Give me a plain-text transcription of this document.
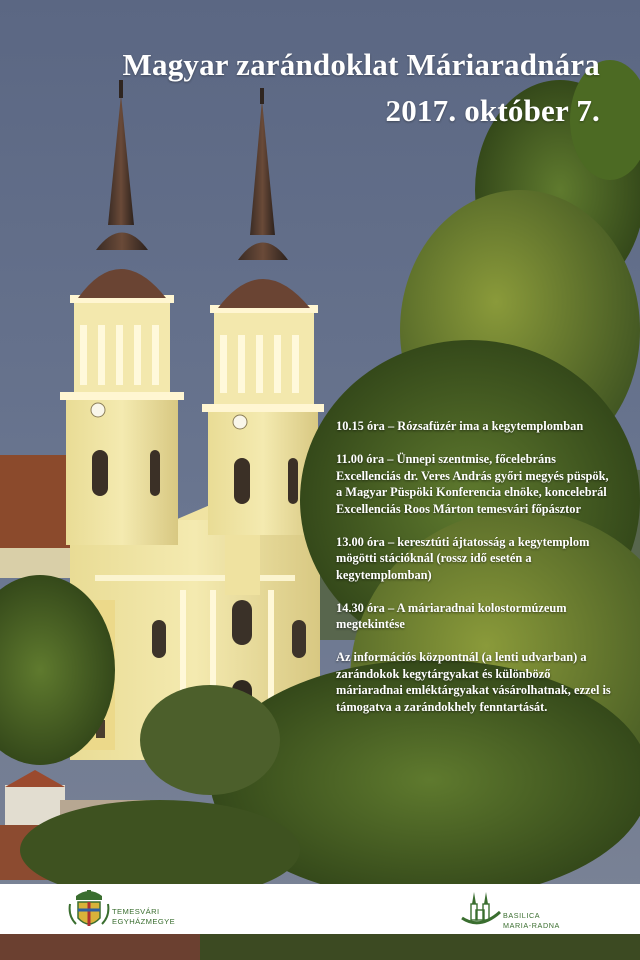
Magyar zarándoklat Máriaradnára
2017. október 7.

10.15 óra – Rózsafüzér ima a kegytemplomban

11.00 óra – Ünnepi szentmise, főcelebráns Excellenciás dr. Veres András győri megyés püspök, a Magyar Püspöki Konferencia elnöke, koncelebrál Excellenciás Roos Márton temesvári főpásztor

13.00 óra – keresztúti ájtatosság a kegytemplom mögötti stációknál (rossz idő esetén a kegytemplomban)

14.30 óra – A máriaradnai kolostormúzeum megtekintése

Az információs központnál (a lenti udvarban) a zarándokok kegytárgyakat és különböző máriaradnai emléktárgyakat vásárolhatnak, ezzel is támogatva a zarándokhely fenntartását.

TEMESVÁRI
EGYHÁZMEGYE
BASILICA
MARIA-RADNA
